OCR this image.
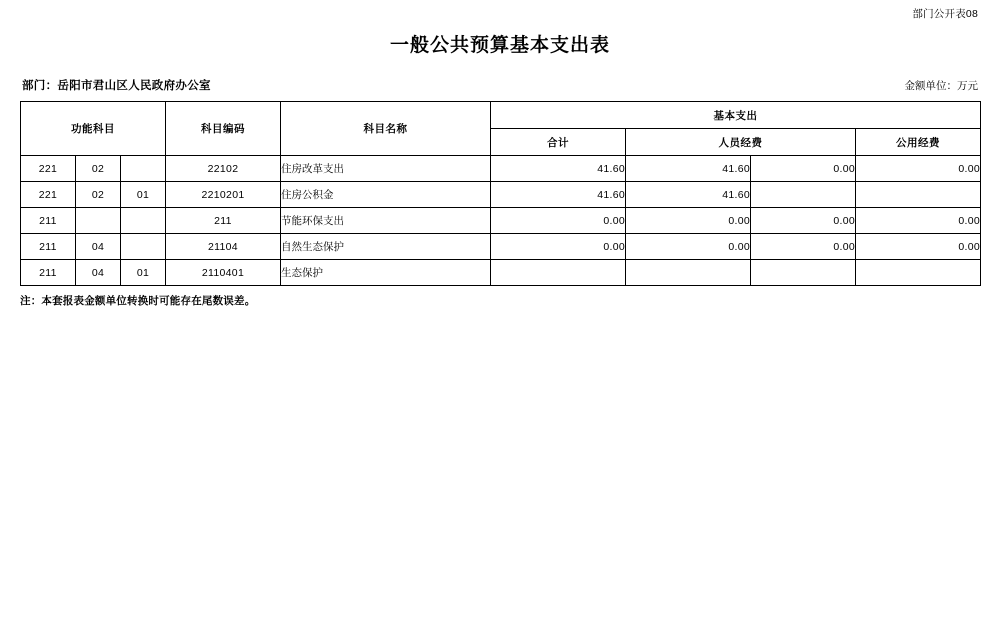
部门公开表08
一般公共预算基本支出表
部门：岳阳市君山区人民政府办公室	金额单位：万元
功能科目			科目编码	科目名称	基本支出			
					合计	人员经费		公用经费
221	02		22102	住房改革支出	41.60	41.60	0.00	0.00
221	02	01	2210201	住房公积金	41.60	41.60		
211			211	节能环保支出	0.00	0.00	0.00	0.00
211	04		21104	自然生态保护	0.00	0.00	0.00	0.00
211	04	01	2110401	生态保护				
注：本套报表金额单位转换时可能存在尾数误差。
